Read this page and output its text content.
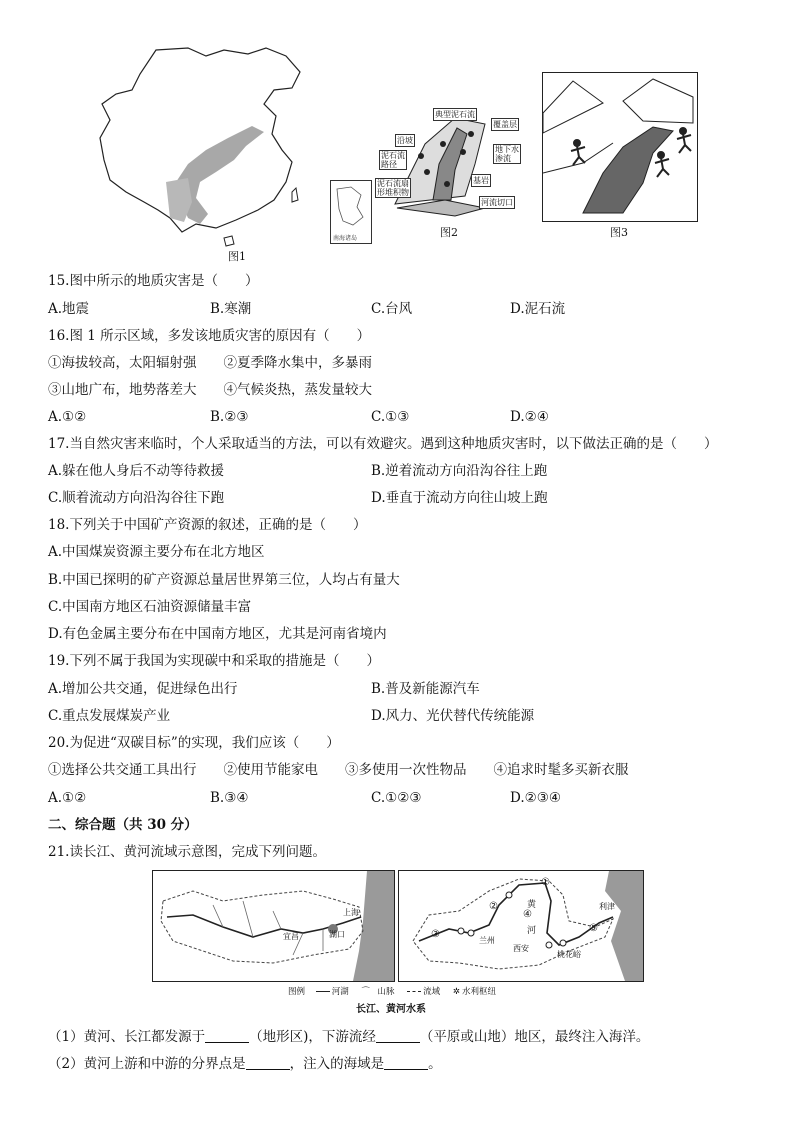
图1
南海诸岛
典型泥石流
覆盖层
沿坡
地下水
渗流
泥石流
路径
泥石流扇
形堆积物
基岩
河流切口
图2	图3
15.图中所示的地质灾害是（　　）
A.地震	B.寒潮	C.台风	D.泥石流
16.图 1 所示区域，多发该地质灾害的原因有（　　）
①海拔较高，太阳辐射强　　②夏季降水集中，多暴雨
③山地广布，地势落差大　　④气候炎热，蒸发量较大
A.①②	B.②③	C.①③	D.②④
17.当自然灾害来临时，个人采取适当的方法，可以有效避灾。遇到这种地质灾害时，以下做法正确的是（　　）
A.躲在他人身后不动等待救援	B.逆着流动方向沿沟谷往上跑
C.顺着流动方向沿沟谷往下跑	D.垂直于流动方向往山坡上跑
18.下列关于中国矿产资源的叙述，正确的是（　　）
A.中国煤炭资源主要分布在北方地区
B.中国已探明的矿产资源总量居世界第三位，人均占有量大
C.中国南方地区石油资源储量丰富
D.有色金属主要分布在中国南方地区，尤其是河南省境内
19.下列不属于我国为实现碳中和采取的措施是（　　）
A.增加公共交通，促进绿色出行	B.普及新能源汽车
C.重点发展煤炭产业	D.风力、光伏替代传统能源
20.为促进“双碳目标”的实现，我们应该（　　）
①选择公共交通工具出行　　②使用节能家电　　③多使用一次性物品　　④追求时髦多买新衣服
A.①②	B.③④	C.①②③	D.②③④
二、综合题（共 30 分）
21.读长江、黄河流域示意图，完成下列问题。
上海
宜昌	湖口
①
②
③
④
⑤
黄
河
兰州
西安
桃花峪
利津
图例	河湖 ⌒ 山脉	流域 ✲ 水利枢纽
长江、黄河水系
（1）黄河、长江都发源于	（地形区)，下游流经	（平原或山地）地区，最终注入海洋。
（2）黄河上游和中游的分界点是	，注入的海域是	。
